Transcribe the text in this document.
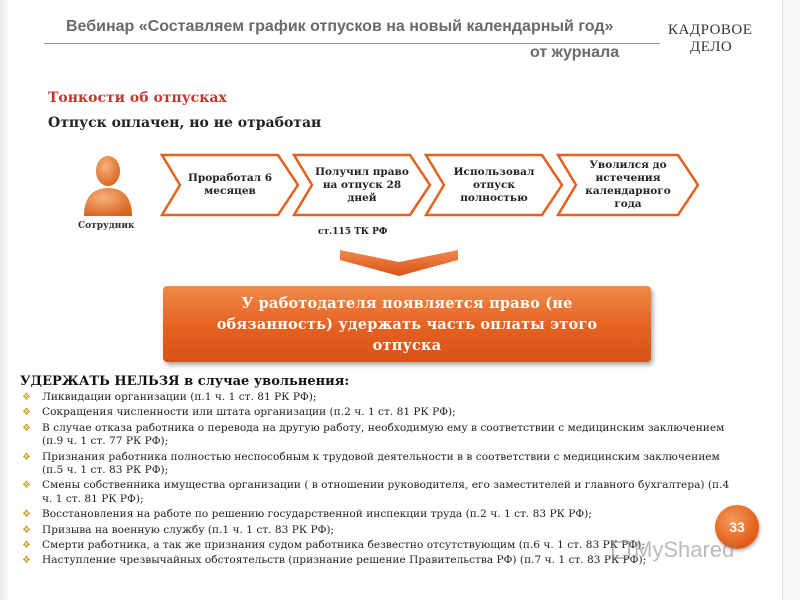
Вебинар «Составляем график отпусков на новый календарный год»
от журнала
КАДРОВОЕ
ДЕЛО
Тонкости об отпусках
Отпуск оплачен, но не отработан
Сотрудник
Проработал 6 месяцев
Получил право на отпуск 28 дней
Использовал отпуск полностью
Уволился до истечения календарного года
ст.115 ТК РФ
У работодателя появляется право (не обязанность) удержать часть оплаты этого отпуска
УДЕРЖАТЬ НЕЛЬЗЯ в случае увольнения:
❖ Ликвидации организации (п.1 ч. 1 ст. 81 РК РФ);
❖ Сокращения численности или штата организации (п.2 ч. 1 ст. 81 РК РФ);
❖ В случае отказа работника о перевода на другую работу, необходимую ему в соответствии с медицинским заключением (п.9 ч. 1 ст. 77 РК РФ);
❖ Признания работника полностью неспособным к трудовой деятельности в в соответствии с медицинским заключением (п.5 ч. 1 ст. 83 РК РФ);
❖ Смены собственника имущества организации ( в отношении руководителя, его заместителей и главного бухгалтера) (п.4 ч. 1 ст. 81 РК РФ);
❖ Восстановления на работе по решению государственной инспекции труда (п.2 ч. 1 ст. 83 РК РФ);
❖ Призыва на военную службу (п.1 ч. 1 ст. 83 РК РФ);
❖ Смерти работника, а так же признания судом работника безвестно отсутствующим (п.6 ч. 1 ст. 83 РК РФ);
❖ Наступление чрезвычайных обстоятельств (признание решение Правительства РФ) (п.7 ч. 1 ст. 83 РК РФ);
33
MyShared
